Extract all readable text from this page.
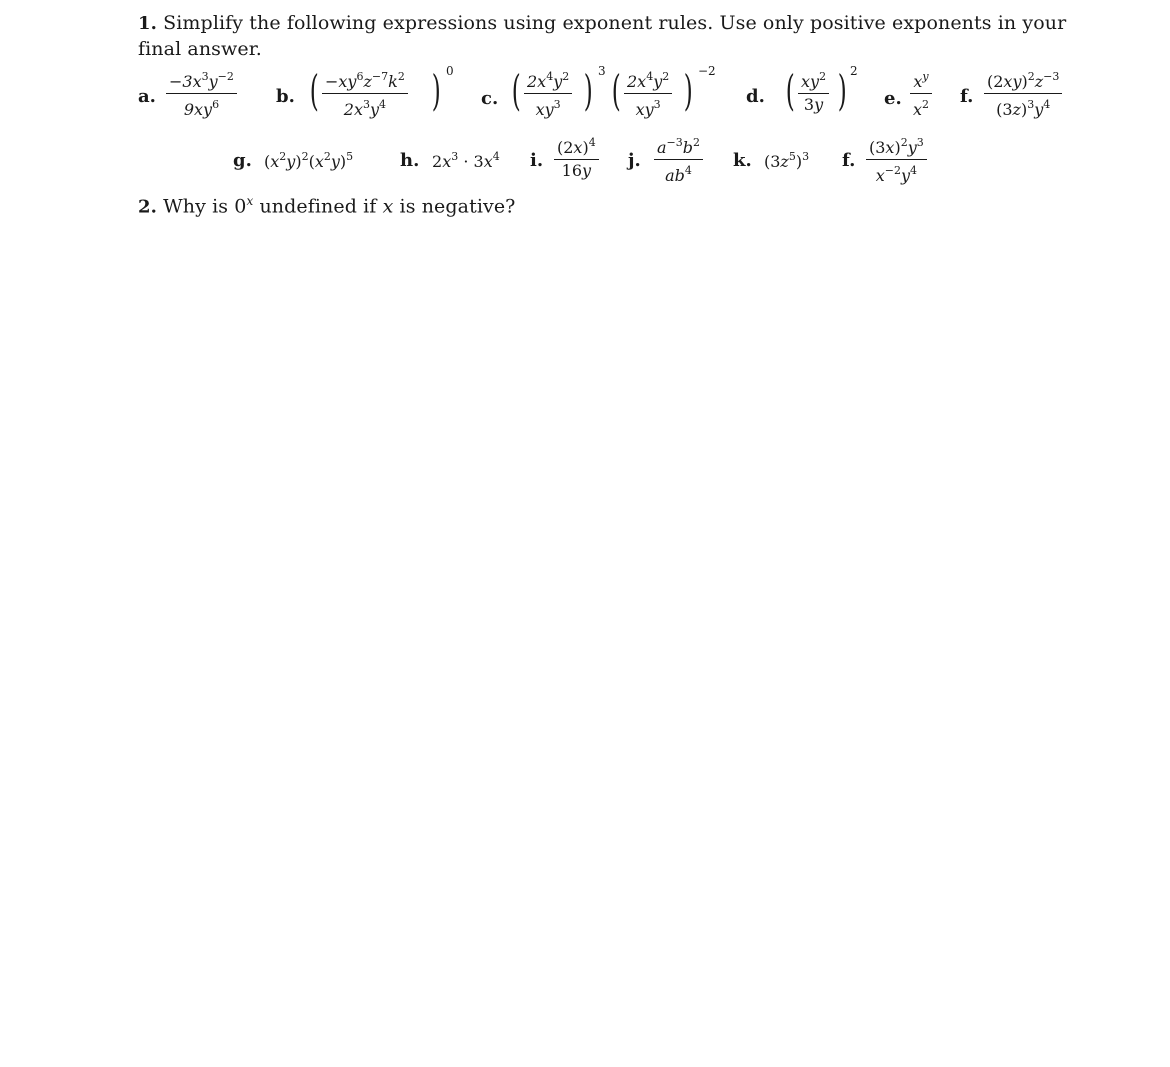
1. Simplify the following expressions using exponent rules. Use only positive exponents in your
final answer.
a.
$-3x^3y^{-2}$
$9xy^6$	b. ( $-xy^6z^{-7}k^2$
$2x^3y^4$ ) 0
c. ( $2x^4y^2$
$xy^3$ ) 3 ( $2x^4y^2$
$xy^3$ ) −2
d. ( $xy^2$
3y ) 2
e.
$x^y$
$x^2$ f.
$(2xy)^2z^{-3}$
$(3z)^3y^4$
g. $(x^2y)^2(x^2y)^5$	h. $2x^3 \cdot 3x^4$ i.
$(2x)^4$
16y j.
$a^{-3}b^2$
$ab^4$ k. $(3z^5)^3$ f.
$(3x)^2y^3$
$x^{-2}y^4$
2. Why is 0$^x$ undefined if x is negative?
